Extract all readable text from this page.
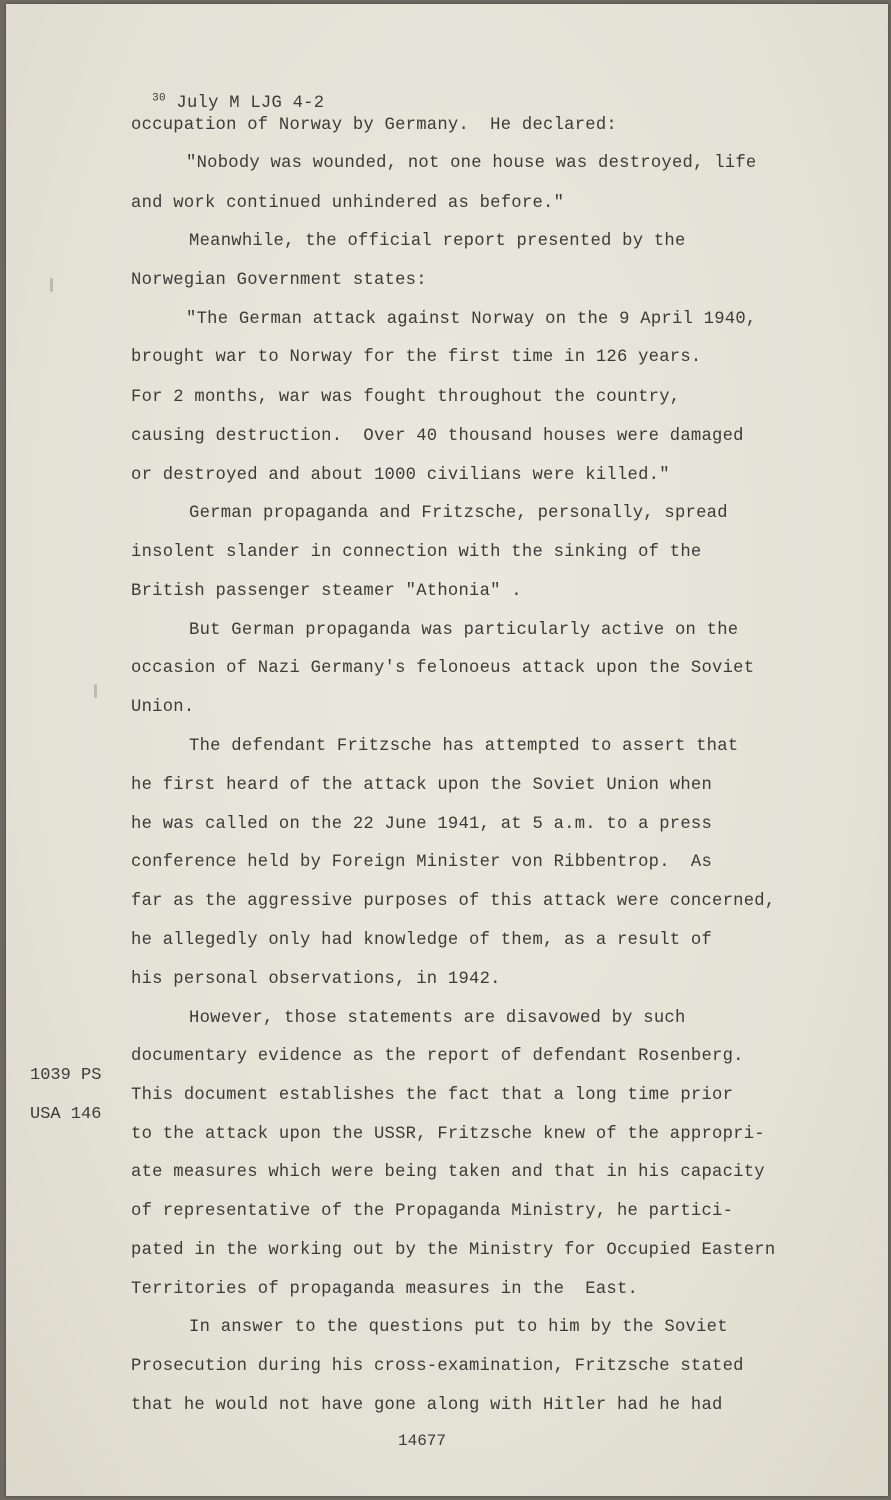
$^{30}$ July M LJG 4-2

occupation of Norway by Germany.  He declared:
"Nobody was wounded, not one house was destroyed, life
and work continued unhindered as before."
Meanwhile, the official report presented by the
Norwegian Government states:
"The German attack against Norway on the 9 April 1940,
brought war to Norway for the first time in 126 years.
For 2 months, war was fought throughout the country,
causing destruction.  Over 40 thousand houses were damaged
or destroyed and about 1000 civilians were killed."
German propaganda and Fritzsche, personally, spread
insolent slander in connection with the sinking of the
British passenger steamer "Athonia" .
But German propaganda was particularly active on the
occasion of Nazi Germany's felonoeus attack upon the Soviet
Union.
The defendant Fritzsche has attempted to assert that
he first heard of the attack upon the Soviet Union when
he was called on the 22 June 1941, at 5 a.m. to a press
conference held by Foreign Minister von Ribbentrop.  As
far as the aggressive purposes of this attack were concerned,
he allegedly only had knowledge of them, as a result of
his personal observations, in 1942.
However, those statements are disavowed by such
documentary evidence as the report of defendant Rosenberg.
This document establishes the fact that a long time prior
to the attack upon the USSR, Fritzsche knew of the appropri-
ate measures which were being taken and that in his capacity
of representative of the Propaganda Ministry, he partici-
pated in the working out by the Ministry for Occupied Eastern
Territories of propaganda measures in the  East.
In answer to the questions put to him by the Soviet
Prosecution during his cross-examination, Fritzsche stated
that he would not have gone along with Hitler had he had
1039 PS
USA 146
14677
